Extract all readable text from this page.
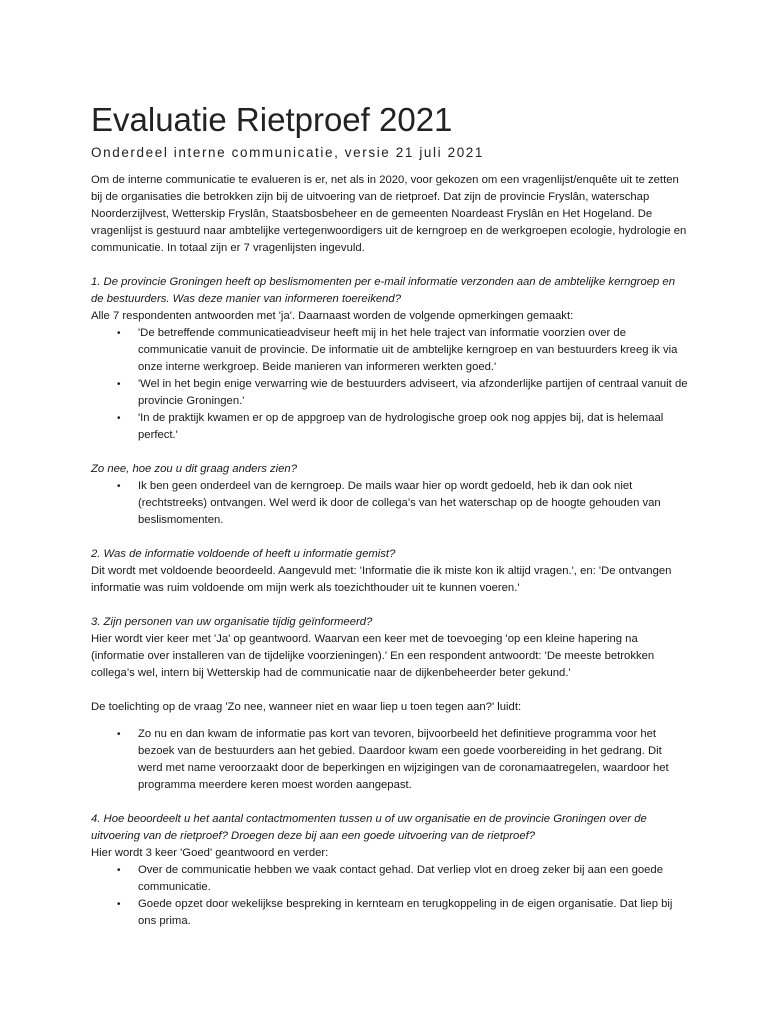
Evaluatie Rietproef 2021
Onderdeel interne communicatie, versie 21 juli 2021

Om de interne communicatie te evalueren is er, net als in 2020, voor gekozen om een vragenlijst/enquête uit te zetten bij de organisaties die betrokken zijn bij de uitvoering van de rietproef. Dat zijn de provincie Fryslân, waterschap Noorderzijlvest, Wetterskip Fryslân, Staatsbosbeheer en de gemeenten Noardeast Fryslân en Het Hogeland. De vragenlijst is gestuurd naar ambtelijke vertegenwoordigers uit de kerngroep en de werkgroepen ecologie, hydrologie en communicatie. In totaal zijn er 7 vragenlijsten ingevuld.

1. De provincie Groningen heeft op beslismomenten per e-mail informatie verzonden aan de ambtelijke kerngroep en de bestuurders. Was deze manier van informeren toereikend?

Alle 7 respondenten antwoorden met 'ja'. Daarnaast worden de volgende opmerkingen gemaakt:

• 'De betreffende communicatieadviseur heeft mij in het hele traject van informatie voorzien over de communicatie vanuit de provincie. De informatie uit de ambtelijke kerngroep en van bestuurders kreeg ik via onze interne werkgroep. Beide manieren van informeren werkten goed.'
• 'Wel in het begin enige verwarring wie de bestuurders adviseert, via afzonderlijke partijen of centraal vanuit de provincie Groningen.'
• 'In de praktijk kwamen er op de appgroep van de hydrologische groep ook nog appjes bij, dat is helemaal perfect.'

Zo nee, hoe zou u dit graag anders zien?

• Ik ben geen onderdeel van de kerngroep. De mails waar hier op wordt gedoeld, heb ik dan ook niet (rechtstreeks) ontvangen. Wel werd ik door de collega’s van het waterschap op de hoogte gehouden van beslismomenten.

2. Was de informatie voldoende of heeft u informatie gemist?

Dit wordt met voldoende beoordeeld. Aangevuld met: 'Informatie die ik miste kon ik altijd vragen.', en: 'De ontvangen informatie was ruim voldoende om mijn werk als toezichthouder uit te kunnen voeren.'

3. Zijn personen van uw organisatie tijdig geïnformeerd?

Hier wordt vier keer met 'Ja' op geantwoord. Waarvan een keer met de toevoeging 'op een kleine hapering na (informatie over installeren van de tijdelijke voorzieningen).' En een respondent antwoordt: 'De meeste betrokken collega’s wel, intern bij Wetterskip had de communicatie naar de dijkenbeheerder beter gekund.'

De toelichting op de vraag 'Zo nee, wanneer niet en waar liep u toen tegen aan?' luidt:

• Zo nu en dan kwam de informatie pas kort van tevoren, bijvoorbeeld het definitieve programma voor het bezoek van de bestuurders aan het gebied. Daardoor kwam een goede voorbereiding in het gedrang. Dit werd met name veroorzaakt door de beperkingen en wijzigingen van de coronamaatregelen, waardoor het programma meerdere keren moest worden aangepast.

4. Hoe beoordeelt u het aantal contactmomenten tussen u of uw organisatie en de provincie Groningen over de uitvoering van de rietproef? Droegen deze bij aan een goede uitvoering van de rietproef?

Hier wordt 3 keer 'Goed' geantwoord en verder:

• Over de communicatie hebben we vaak contact gehad. Dat verliep vlot en droeg zeker bij aan een goede communicatie.
• Goede opzet door wekelijkse bespreking in kernteam en terugkoppeling in de eigen organisatie. Dat liep bij ons prima.
